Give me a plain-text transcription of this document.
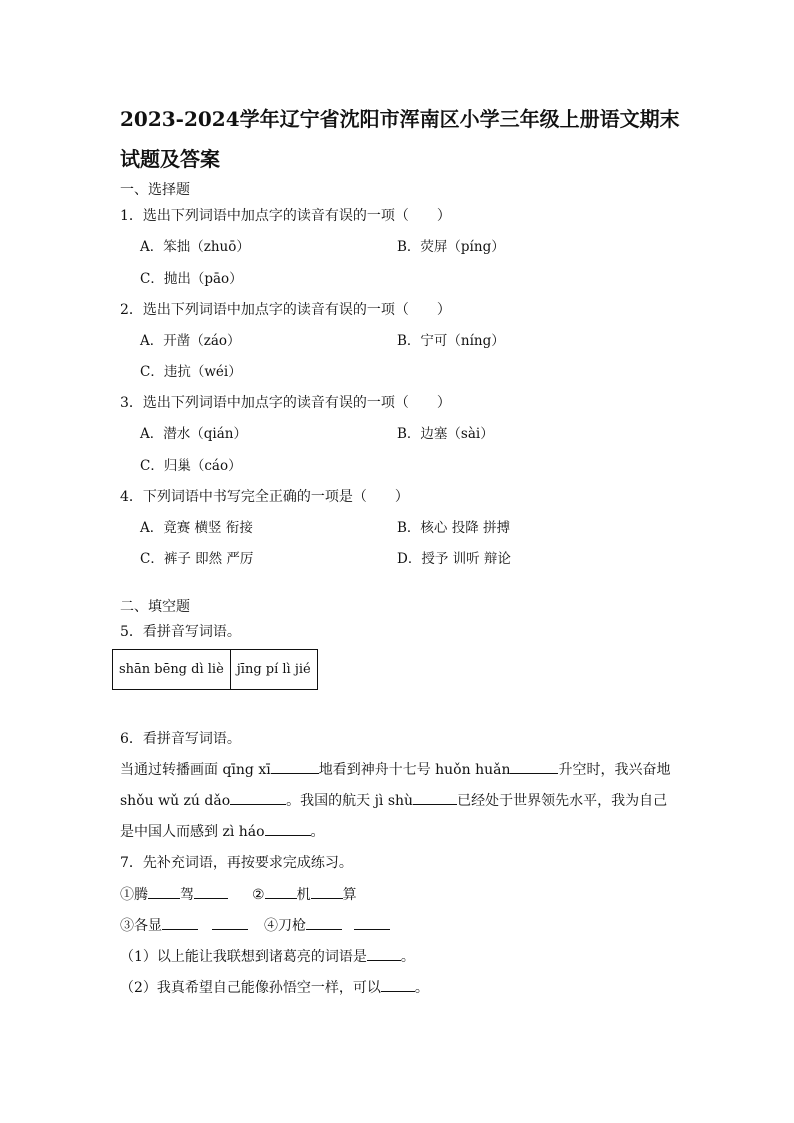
2023-2024学年辽宁省沈阳市浑南区小学三年级上册语文期末试题及答案
一、选择题
1．选出下列词语中加点字的读音有误的一项（　　）
A．笨拙（zhuō）	B．荧屏（píng）
C．抛出（pāo）
2．选出下列词语中加点字的读音有误的一项（　　）
A．开凿（záo）	B．宁可（níng）
C．违抗（wéi）
3．选出下列词语中加点字的读音有误的一项（　　）
A．潜水（qián）	B．边塞（sài）
C．归巢（cáo）
4．下列词语中书写完全正确的一项是（　　）
A．竟赛 横竖 衔接	B．核心 投降 拼搏
C．裤子 即然 严厉	D．授予 训听 辩论
二、填空题
5．看拼音写词语。
shān bēng dì liè	jīng pí lì jié
6．看拼音写词语。
当通过转播画面 qīng xī	地看到神舟十七号 huǒn huǎn	升空时，我兴奋地
shǒu wǔ zú dǎo	。我国的航天 jì shù	已经处于世界领先水平，我为自己
是中国人而感到 zì háo	。
7．先补充词语，再按要求完成练习。
①腾 驾	② 机 算
③各显	④刀枪
（1）以上能让我联想到诸葛亮的词语是 。
（2）我真希望自己能像孙悟空一样，可以 。
